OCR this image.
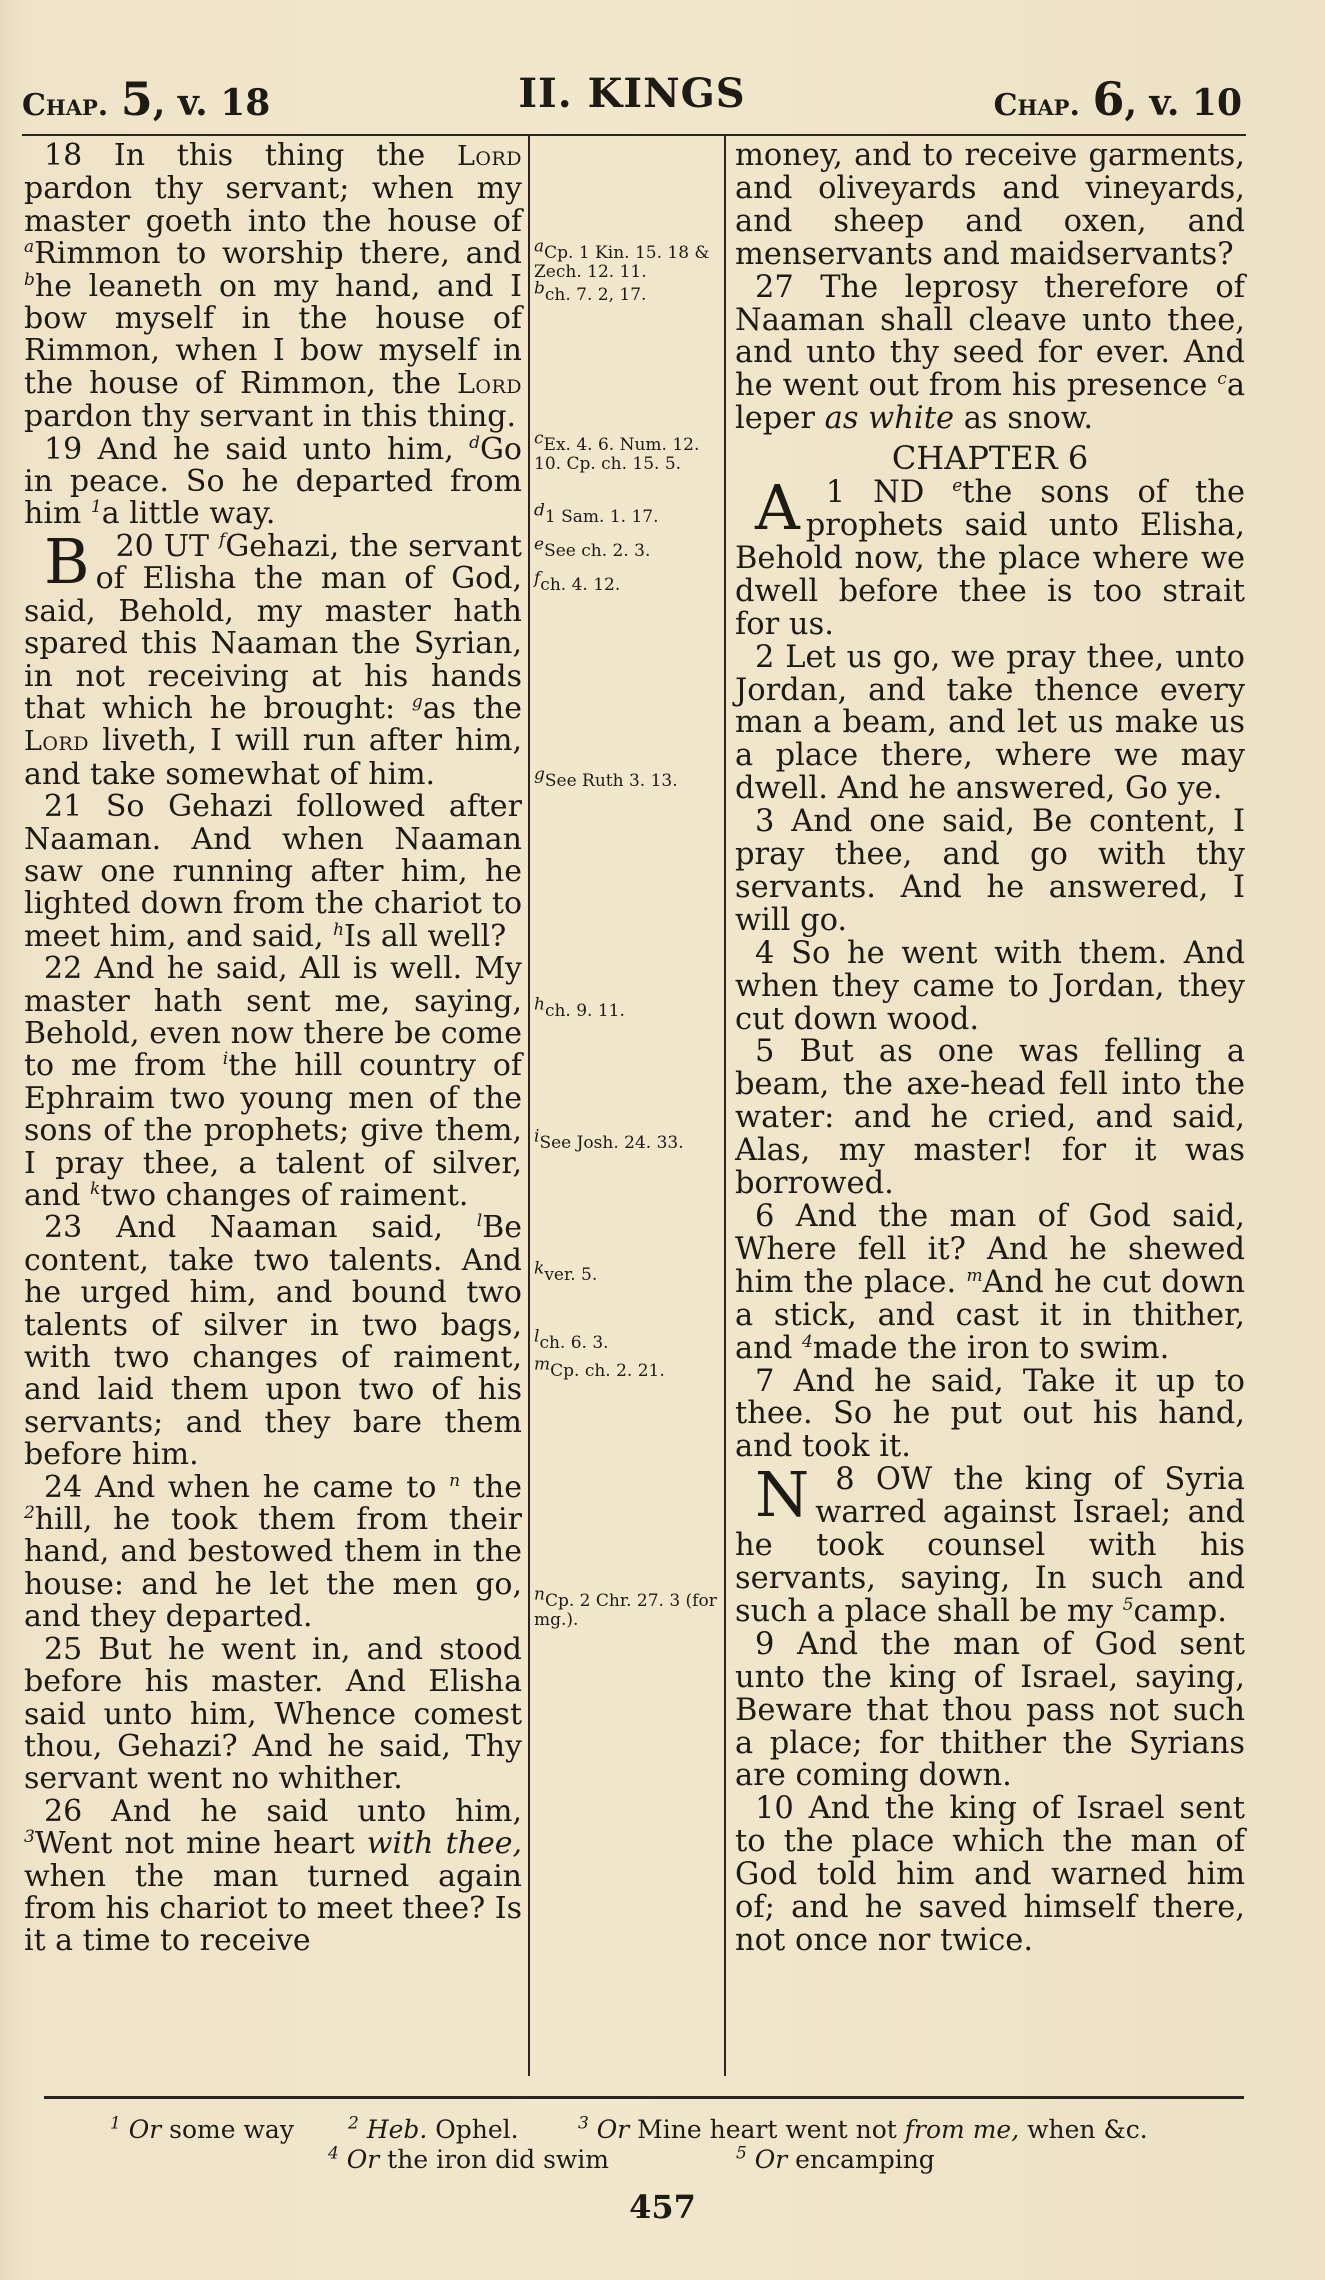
Chap. 5, v. 18	II. KINGS	Chap. 6, v. 10

18 In this thing the Lord pardon thy servant; when my master goeth into the house of $^a$Rimmon to worship there, and $^b$he leaneth on my hand, and I bow myself in the house of Rimmon, when I bow myself in the house of Rimmon, the Lord pardon thy servant in this thing.

19 And he said unto him, $^d$Go in peace. So he departed from him $^1$a little way.

20
B UT $^f$Gehazi, the servant of Elisha the man of God, said, Behold, my master hath spared this Naaman the Syrian, in not receiving at his hands that which he brought: $^g$as the Lord liveth, I will run after him, and take somewhat of him.

21 So Gehazi followed after Naaman. And when Naaman saw one running after him, he lighted down from the chariot to meet him, and said, $^h$Is all well?

22 And he said, All is well. My master hath sent me, saying, Behold, even now there be come to me from $^i$the hill country of Ephraim two young men of the sons of the prophets; give them, I pray thee, a talent of silver, and $^k$two changes of raiment.

23 And Naaman said, $^l$Be content, take two talents. And he urged him, and bound two talents of silver in two bags, with two changes of raiment, and laid them upon two of his servants; and they bare them before him.

24 And when he came to $^n$ the $^2$hill, he took them from their hand, and bestowed them in the house: and he let the men go, and they departed.

25 But he went in, and stood before his master. And Elisha said unto him, Whence comest thou, Gehazi? And he said, Thy servant went no whither.

26 And he said unto him, $^3$Went not mine heart with thee, when the man turned again from his chariot to meet thee? Is it a time to receive

$^a$Cp. 1 Kin. 15. 18 & Zech. 12. 11.
$^b$ch. 7. 2, 17.
$^c$Ex. 4. 6. Num. 12. 10. Cp. ch. 15. 5.
$^d$1 Sam. 1. 17.
$^e$See ch. 2. 3.
$^f$ch. 4. 12.
$^g$See Ruth 3. 13.
$^h$ch. 9. 11.
$^i$See Josh. 24. 33.
$^k$ver. 5.
$^l$ch. 6. 3.
$^m$Cp. ch. 2. 21.
$^n$Cp. 2 Chr. 27. 3 (for mg.).

money, and to receive garments, and oliveyards and vineyards, and sheep and oxen, and menservants and maidservants?

27 The leprosy therefore of Naaman shall cleave unto thee, and unto thy seed for ever. And he went out from his presence $^c$a leper as white as snow.

CHAPTER 6

1
A ND $^e$the sons of the prophets said unto Elisha, Behold now, the place where we dwell before thee is too strait for us.

2 Let us go, we pray thee, unto Jordan, and take thence every man a beam, and let us make us a place there, where we may dwell. And he answered, Go ye.

3 And one said, Be content, I pray thee, and go with thy servants. And he answered, I will go.

4 So he went with them. And when they came to Jordan, they cut down wood.

5 But as one was felling a beam, the axe-head fell into the water: and he cried, and said, Alas, my master! for it was borrowed.

6 And the man of God said, Where fell it? And he shewed him the place. $^m$And he cut down a stick, and cast it in thither, and $^4$made the iron to swim.

7 And he said, Take it up to thee. So he put out his hand, and took it.

8
N OW the king of Syria warred against Israel; and he took counsel with his servants, saying, In such and such a place shall be my $^5$camp.

9 And the man of God sent unto the king of Israel, saying, Beware that thou pass not such a place; for thither the Syrians are coming down.

10 And the king of Israel sent to the place which the man of God told him and warned him of; and he saved himself there, not once nor twice.

$^1$ Or some way	$^2$ Heb. Ophel.	$^3$ Or Mine heart went not from me, when &c.
$^4$ Or the iron did swim	$^5$ Or encamping
457
